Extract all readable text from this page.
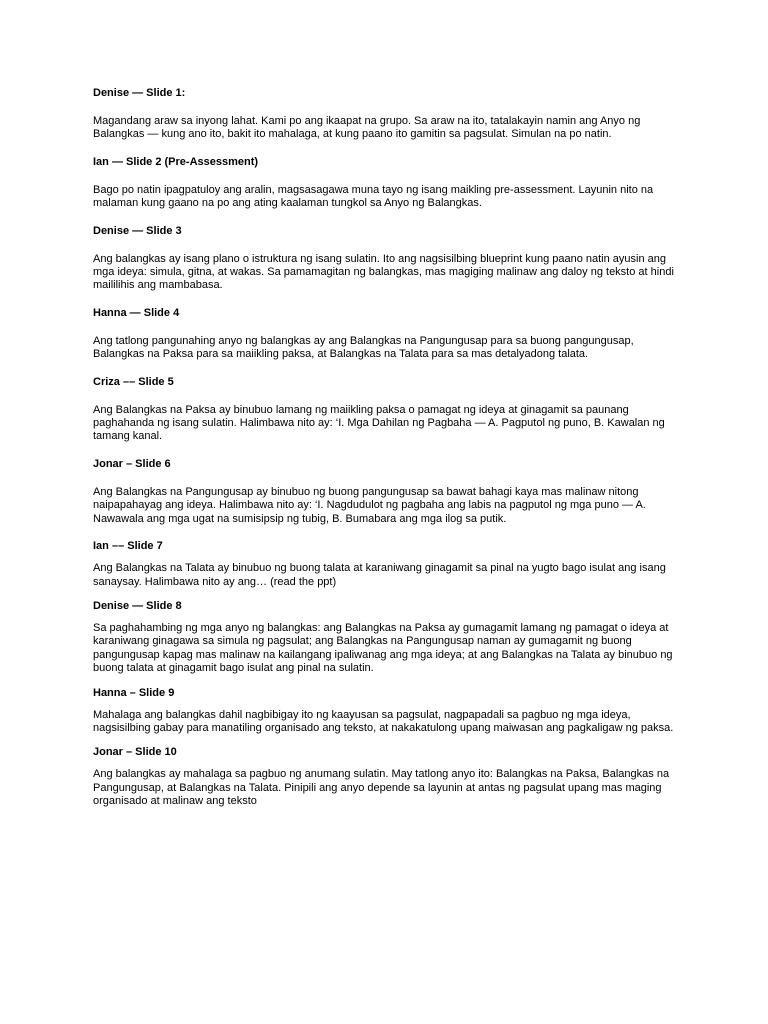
Denise — Slide 1:

Magandang araw sa inyong lahat. Kami po ang ikaapat na grupo. Sa araw na ito, tatalakayin namin ang Anyo ng Balangkas — kung ano ito, bakit ito mahalaga, at kung paano ito gamitin sa pagsulat. Simulan na po natin.

Ian — Slide 2 (Pre-Assessment)

Bago po natin ipagpatuloy ang aralin, magsasagawa muna tayo ng isang maikling pre-assessment. Layunin nito na malaman kung gaano na po ang ating kaalaman tungkol sa Anyo ng Balangkas.

Denise — Slide 3

Ang balangkas ay isang plano o istruktura ng isang sulatin. Ito ang nagsisilbing blueprint kung paano natin ayusin ang mga ideya: simula, gitna, at wakas. Sa pamamagitan ng balangkas, mas magiging malinaw ang daloy ng teksto at hindi maililihis ang mambabasa.

Hanna — Slide 4

Ang tatlong pangunahing anyo ng balangkas ay ang Balangkas na Pangungusap para sa buong pangungusap, Balangkas na Paksa para sa maiikling paksa, at Balangkas na Talata para sa mas detalyadong talata.

Criza –– Slide 5

Ang Balangkas na Paksa ay binubuo lamang ng maiikling paksa o pamagat ng ideya at ginagamit sa paunang paghahanda ng isang sulatin. Halimbawa nito ay: ‘I. Mga Dahilan ng Pagbaha — A. Pagputol ng puno, B. Kawalan ng tamang kanal.

Jonar – Slide 6

Ang Balangkas na Pangungusap ay binubuo ng buong pangungusap sa bawat bahagi kaya mas malinaw nitong naipapahayag ang ideya. Halimbawa nito ay: ‘I. Nagdudulot ng pagbaha ang labis na pagputol ng mga puno — A. Nawawala ang mga ugat na sumisipsip ng tubig, B. Bumabara ang mga ilog sa putik.

Ian –– Slide 7

Ang Balangkas na Talata ay binubuo ng buong talata at karaniwang ginagamit sa pinal na yugto bago isulat ang isang sanaysay. Halimbawa nito ay ang… (read the ppt)

Denise — Slide 8

Sa paghahambing ng mga anyo ng balangkas: ang Balangkas na Paksa ay gumagamit lamang ng pamagat o ideya at karaniwang ginagawa sa simula ng pagsulat; ang Balangkas na Pangungusap naman ay gumagamit ng buong pangungusap kapag mas malinaw na kailangang ipaliwanag ang mga ideya; at ang Balangkas na Talata ay binubuo ng buong talata at ginagamit bago isulat ang pinal na sulatin.

Hanna – Slide 9

Mahalaga ang balangkas dahil nagbibigay ito ng kaayusan sa pagsulat, nagpapadali sa pagbuo ng mga ideya, nagsisilbing gabay para manatiling organisado ang teksto, at nakakatulong upang maiwasan ang pagkaligaw ng paksa.

Jonar – Slide 10

Ang balangkas ay mahalaga sa pagbuo ng anumang sulatin. May tatlong anyo ito: Balangkas na Paksa, Balangkas na Pangungusap, at Balangkas na Talata. Pinipili ang anyo depende sa layunin at antas ng pagsulat upang mas maging organisado at malinaw ang teksto
